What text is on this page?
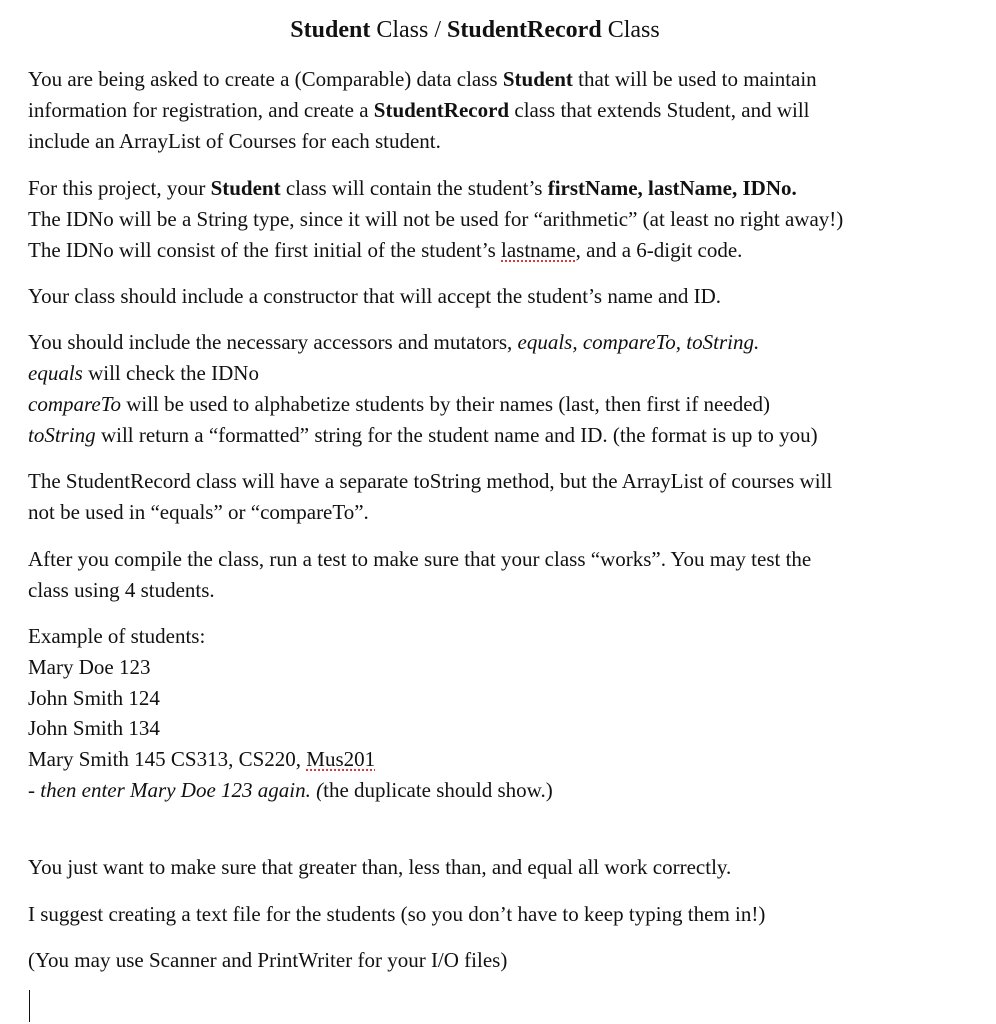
Student Class / StudentRecord Class
You are being asked to create a (Comparable) data class Student that will be used to maintain
information for registration, and create a StudentRecord class that extends Student, and will
include an ArrayList of Courses for each student.
For this project, your Student class will contain the student’s firstName, lastName, IDNo.
The IDNo will be a String type, since it will not be used for “arithmetic” (at least no right away!)
The IDNo will consist of the first initial of the student’s lastname, and a 6-digit code.
Your class should include a constructor that will accept the student’s name and ID.
You should include the necessary accessors and mutators, equals, compareTo, toString.
equals will check the IDNo
compareTo will be used to alphabetize students by their names (last, then first if needed)
toString will return a “formatted” string for the student name and ID. (the format is up to you)
The StudentRecord class will have a separate toString method, but the ArrayList of courses will
not be used in “equals” or “compareTo”.
After you compile the class, run a test to make sure that your class “works”. You may test the
class using 4 students.
Example of students:
Mary Doe 123
John Smith 124
John Smith 134
Mary Smith 145 CS313, CS220, Mus201
- then enter Mary Doe 123 again. (the duplicate should show.)
You just want to make sure that greater than, less than, and equal all work correctly.
I suggest creating a text file for the students (so you don’t have to keep typing them in!)
(You may use Scanner and PrintWriter for your I/O files)
